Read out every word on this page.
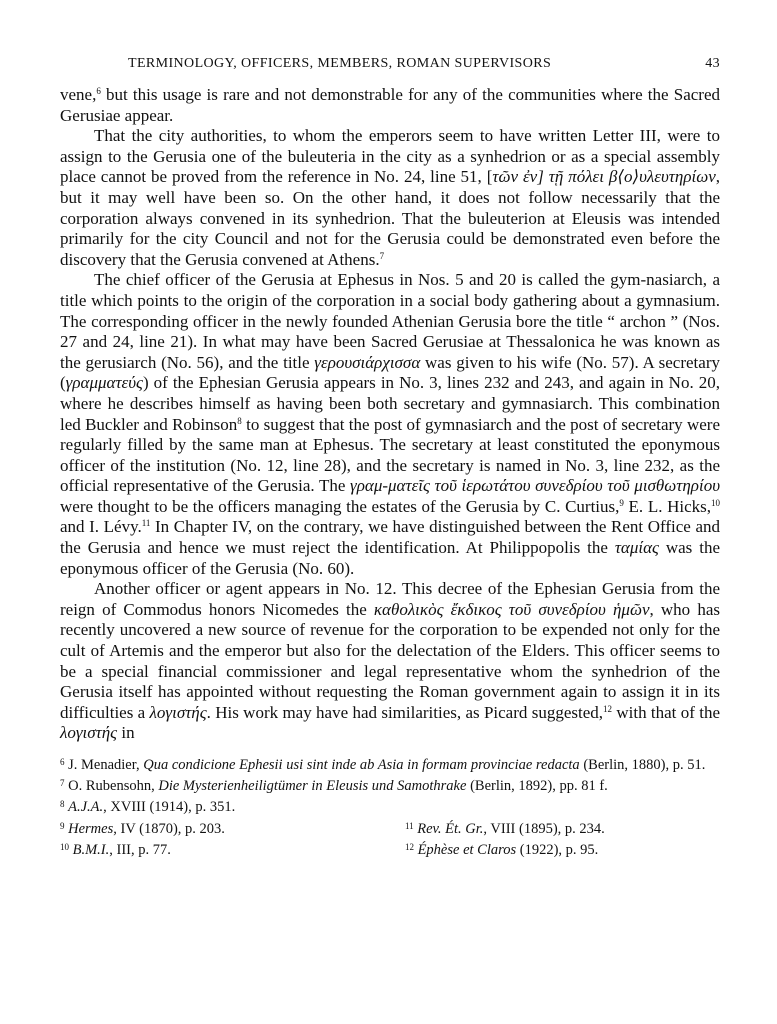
TERMINOLOGY, OFFICERS, MEMBERS, ROMAN SUPERVISORS	43

vene,$^6$ but this usage is rare and not demonstrable for any of the communities where the Sacred Gerusiae appear.

That the city authorities, to whom the emperors seem to have written Letter III, were to assign to the Gerusia one of the buleuteria in the city as a synhedrion or as a special assembly place cannot be proved from the reference in No. 24, line 51, [τῶν ἐν] τῇ πόλει β⟨ο⟩υλευτηρίων, but it may well have been so. On the other hand, it does not follow necessarily that the corporation always convened in its synhedrion. That the buleuterion at Eleusis was intended primarily for the city Council and not for the Gerusia could be demonstrated even before the discovery that the Gerusia convened at Athens.$^7$

The chief officer of the Gerusia at Ephesus in Nos. 5 and 20 is called the gym-nasiarch, a title which points to the origin of the corporation in a social body gathering about a gymnasium. The corresponding officer in the newly founded Athenian Gerusia bore the title “ archon ” (Nos. 27 and 24, line 21). In what may have been Sacred Gerusiae at Thessalonica he was known as the gerusiarch (No. 56), and the title γερουσιάρχισσα was given to his wife (No. 57). A secretary (γραμματεύς) of the Ephesian Gerusia appears in No. 3, lines 232 and 243, and again in No. 20, where he describes himself as having been both secretary and gymnasiarch. This combination led Buckler and Robinson$^8$ to suggest that the post of gymnasiarch and the post of secretary were regularly filled by the same man at Ephesus. The secretary at least constituted the eponymous officer of the institution (No. 12, line 28), and the secretary is named in No. 3, line 232, as the official representative of the Gerusia. The γραμ-ματεῖς τοῦ ἱερωτάτου συνεδρίου τοῦ μισθωτηρίου were thought to be the officers managing the estates of the Gerusia by C. Curtius,$^9$ E. L. Hicks,$^{10}$ and I. Lévy.$^{11}$ In Chapter IV, on the contrary, we have distinguished between the Rent Office and the Gerusia and hence we must reject the identification. At Philippopolis the ταμίας was the eponymous officer of the Gerusia (No. 60).

Another officer or agent appears in No. 12. This decree of the Ephesian Gerusia from the reign of Commodus honors Nicomedes the καθολικὸς ἔκδικος τοῦ συνεδρίου ἡμῶν, who has recently uncovered a new source of revenue for the corporation to be expended not only for the cult of Artemis and the emperor but also for the delectation of the Elders. This officer seems to be a special financial commissioner and legal representative whom the synhedrion of the Gerusia itself has appointed without requesting the Roman government again to assign it in its difficulties a λογιστής. His work may have had similarities, as Picard suggested,$^{12}$ with that of the λογιστής in

$^6$ J. Menadier, Qua condicione Ephesii usi sint inde ab Asia in formam provinciae redacta (Berlin, 1880), p. 51.
$^7$ O. Rubensohn, Die Mysterienheiligtümer in Eleusis und Samothrake (Berlin, 1892), pp. 81 f.
$^8$ A.J.A., XVIII (1914), p. 351.
$^9$ Hermes, IV (1870), p. 203.	$^{11}$ Rev. Ét. Gr., VIII (1895), p. 234.
$^{10}$ B.M.I., III, p. 77.	$^{12}$ Éphèse et Claros (1922), p. 95.
